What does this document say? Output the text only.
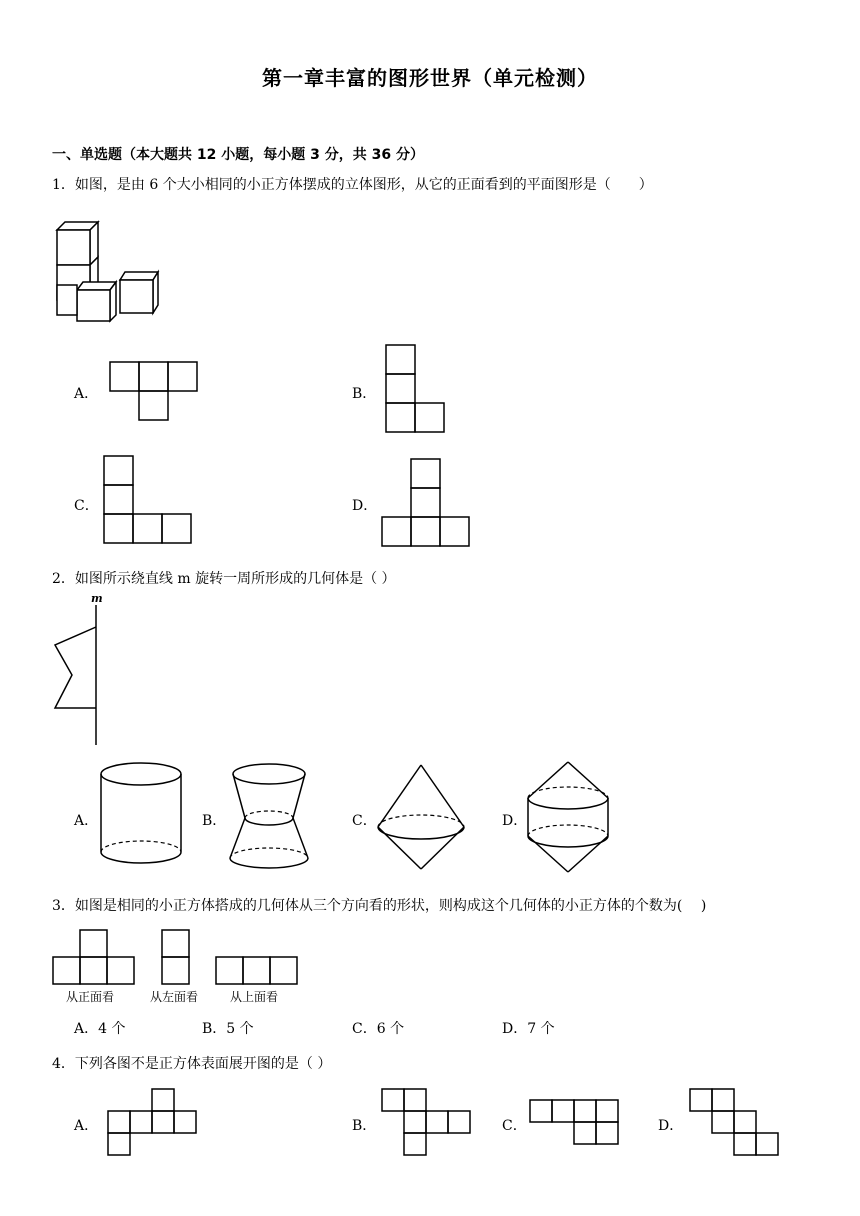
第一章丰富的图形世界（单元检测）
一、单选题（本大题共 12 小题，每小题 3 分，共 36 分）
1．如图，是由 6 个大小相同的小正方体摆成的立体图形，从它的正面看到的平面图形是（　　）
A．	B．
C．	D．
2．如图所示绕直线 m 旋转一周所形成的几何体是（ ）
m
A．	B．	C．	D．
3．如图是相同的小正方体搭成的几何体从三个方向看的形状，则构成这个几何体的小正方体的个数为(　 )
从正面看	从左面看	从上面看
A．4 个	B．5 个	C．6 个	D．7 个
4．下列各图不是正方体表面展开图的是（ ）
A．	B．	C．	D．
